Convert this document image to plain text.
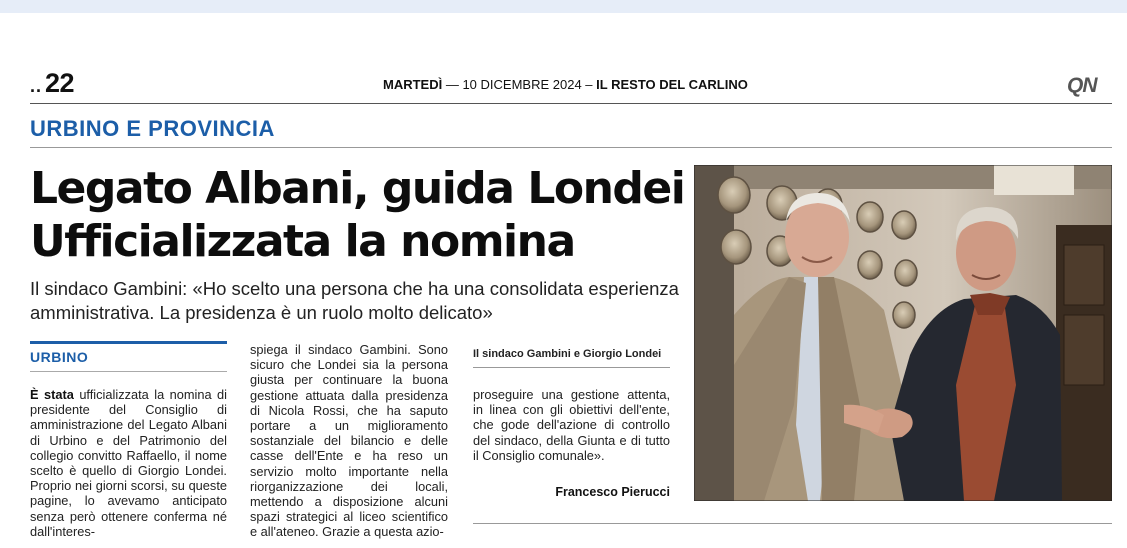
.. 22	MARTEDÌ — 10 DICEMBRE 2024 – IL RESTO DEL CARLINO	QN
URBINO E PROVINCIA
Legato Albani, guida Londei
Ufficializzata la nomina

Il sindaco Gambini: «Ho scelto una persona che ha una consolidata esperienza amministrativa. La presidenza è un ruolo molto delicato»

URBINO

È stata ufficializzata la nomina di presidente del Consiglio di amministrazione del Legato Albani di Urbino e del Patrimonio del collegio convitto Raffaello, il nome scelto è quello di Giorgio Londei. Proprio nei giorni scorsi, su queste pagine, lo avevamo anticipato senza però ottenere conferma né dall'interes-

spiega il sindaco Gambini. Sono sicuro che Londei sia la persona giusta per continuare la buona gestione attuata dalla presidenza di Nicola Rossi, che ha saputo portare a un miglioramento sostanziale del bilancio e delle casse dell'Ente e ha reso un servizio molto importante nella riorganizzazione dei locali, mettendo a disposizione alcuni spazi strategici al liceo scientifico e all'ateneo. Grazie a questa azio-

Il sindaco Gambini e Giorgio Londei

proseguire una gestione attenta, in linea con gli obiettivi dell'ente, che gode dell'azione di controllo del sindaco, della Giunta e di tutto il Consiglio comunale».

Francesco Pierucci
